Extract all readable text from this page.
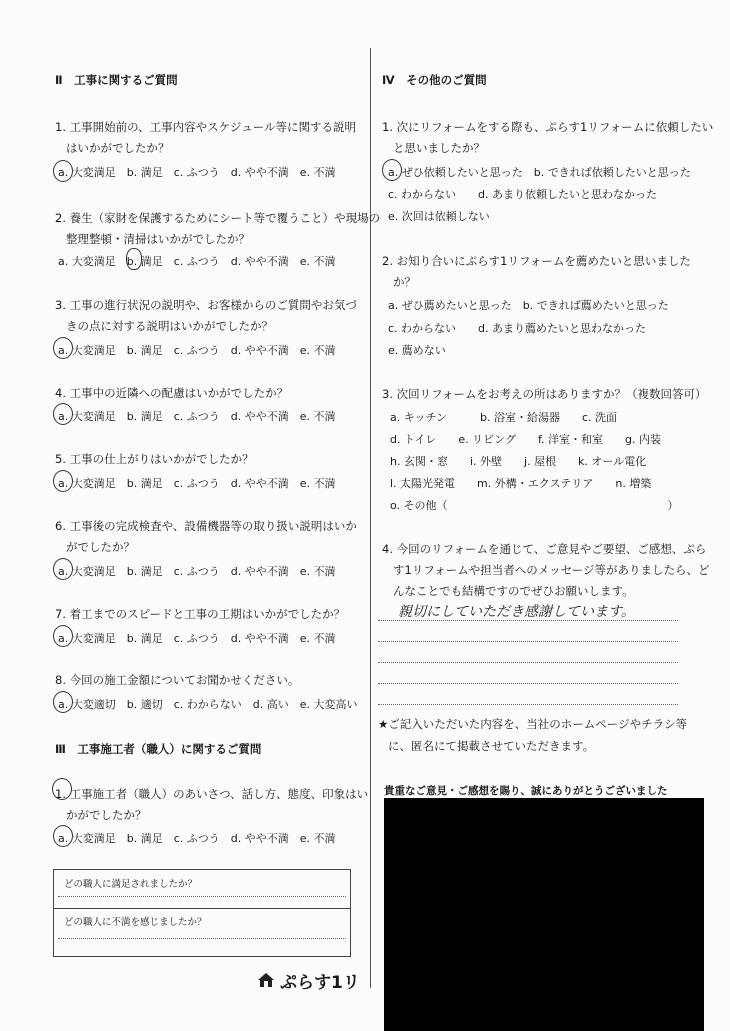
Ⅱ　工事に関するご質問
1. 工事開始前の、工事内容やスケジュール等に関する説明
はいかがでしたか？
a. 大変満足　b. 満足　c. ふつう　d. やや不満　e. 不満
2. 養生（家財を保護するためにシート等で覆うこと）や現場の
整理整頓・清掃はいかがでしたか？
a. 大変満足　b. 満足　c. ふつう　d. やや不満　e. 不満
3. 工事の進行状況の説明や、お客様からのご質問やお気づ
きの点に対する説明はいかがでしたか？
a. 大変満足　b. 満足　c. ふつう　d. やや不満　e. 不満
4. 工事中の近隣への配慮はいかがでしたか？
a. 大変満足　b. 満足　c. ふつう　d. やや不満　e. 不満
5. 工事の仕上がりはいかがでしたか？
a. 大変満足　b. 満足　c. ふつう　d. やや不満　e. 不満
6. 工事後の完成検査や、設備機器等の取り扱い説明はいか
がでしたか？
a. 大変満足　b. 満足　c. ふつう　d. やや不満　e. 不満
7. 着工までのスピードと工事の工期はいかがでしたか？
a. 大変満足　b. 満足　c. ふつう　d. やや不満　e. 不満
8. 今回の施工金額についてお聞かせください。
a. 大変適切　b. 適切　c. わからない　d. 高い　e. 大変高い
Ⅲ　工事施工者（職人）に関するご質問
1. 工事施工者（職人）のあいさつ、話し方、態度、印象はい
かがでしたか？
a. 大変満足　b. 満足　c. ふつう　d. やや不満　e. 不満
どの職人に満足されましたか？
どの職人に不満を感じましたか？
Ⅳ　その他のご質問
1. 次にリフォームをする際も、ぷらす1リフォームに依頼したい
と思いましたか？
a. ぜひ依頼したいと思った　b. できれば依頼したいと思った
c. わからない　　d. あまり依頼したいと思わなかった
e. 次回は依頼しない
2. お知り合いにぷらす1リフォームを薦めたいと思いました
か？
a. ぜひ薦めたいと思った　b. できれば薦めたいと思った
c. わからない　　d. あまり薦めたいと思わなかった
e. 薦めない
3. 次回リフォームをお考えの所はありますか？（複数回答可）
a. キッチン　　　b. 浴室・給湯器　　c. 洗面
d. トイレ　　e. リビング　　f. 洋室・和室　　g. 内装
h. 玄関・窓　　i. 外壁　　j. 屋根　　k. オール電化
l. 太陽光発電　　m. 外構・エクステリア　　n. 増築
o. その他（　　　　　　　　　　　　　　　　　　　　）
4. 今回のリフォームを通じて、ご意見やご要望、ご感想、ぷら
す1リフォームや担当者へのメッセージ等がありましたら、ど
んなことでも結構ですのでぜひお願いします。
親切にしていただき感謝しています。
★ご記入いただいた内容を、当社のホームページやチラシ等
に、匿名にて掲載させていただきます。
貴重なご意見・ご感想を賜り、誠にありがとうございました
ぷらす1リ
